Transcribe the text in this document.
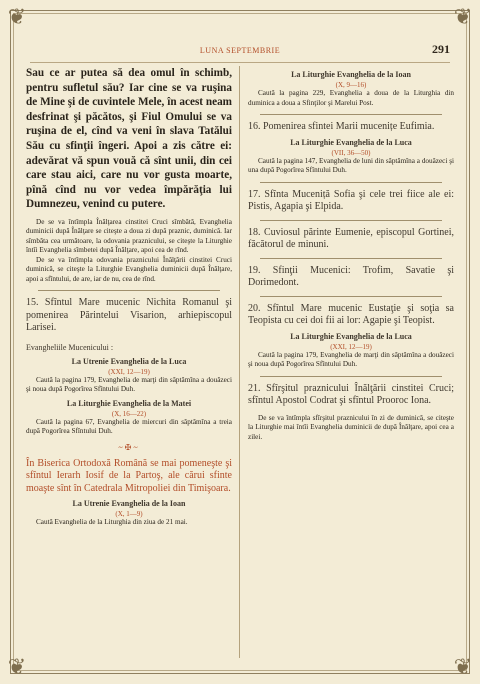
❦	❦
❦	❦
LUNA SEPTEMBRIE	291

Sau ce ar putea să dea omul în schimb, pentru sufletul său? Iar cine se va ruşina de Mine şi de cuvintele Mele, în acest neam desfrinat şi păcătos, şi Fiul Omului se va ruşina de el, cînd va veni în slava Tatălui Său cu sfinţii îngeri. Apoi a zis către ei: adevărat vă spun vouă că sînt unii, din cei care stau aici, care nu vor gusta moarte, pînă cînd nu vor vedea împărăţia lui Dumnezeu, venind cu putere.

De se va întîmpla Înălţarea cinstitei Cruci sîmbătă, Evanghelia duminicii după Înălţare se citeşte a doua zi după praznic, duminică. Iar sîmbăta cea următoare, la odovania praznicului, se citeşte la Liturghie întîi Evanghelia sîmbetei după Înălţare, apoi cea de rînd.

De se va întîmpla odovania praznicului Înălţării cinstitei Cruci duminică, se citeşte la Liturghie Evanghelia duminicii după Înălţare, apoi a sfîntului, de are, iar de nu, cea de rînd.

15. Sfîntul Mare mucenic Nichita Romanul şi pomenirea Părintelui Visarion, arhiepiscopul Larisei.

Evangheliile Mucenicului :

La Utrenie Evanghelia de la Luca

(XXI, 12—19)

Caută la pagina 179, Evanghelia de marţi din săptămîna a douăzeci şi noua după Pogorîrea Sfîntului Duh.

La Liturghie Evanghelia de la Matei

(X, 16—22)

Caută la pagina 67, Evanghelia de miercuri din săptămîna a treia după Pogorîrea Sfîntului Duh.

~✠~

În Biserica Ortodoxă Română se mai pomeneşte şi sfîntul Ierarh Iosif de la Partoş, ale cărui sfinte moaşte sînt în Catedrala Mitropoliei din Timişoara.

La Utrenie Evanghelia de la Ioan

(X, 1—9)

Caută Evanghelia de la Liturghia din ziua de 21 mai.

La Liturghie Evanghelia de la Ioan

(X, 9—16)

Caută la pagina 229, Evanghelia a doua de la Liturghia din duminica a doua a Sfinţilor şi Marelui Post.

16. Pomenirea sfintei Marii mucenițe Eufimia.

La Liturghie Evanghelia de la Luca

(VII, 36—50)

Caută la pagina 147, Evanghelia de luni din săptămîna a douăzeci şi una după Pogorîrea Sfîntului Duh.

17. Sfînta Muceniță Sofia şi cele trei fiice ale ei: Pistis, Agapia şi Elpida.

18. Cuviosul părinte Eumenie, episcopul Gortinei, făcătorul de minuni.

19. Sfinţii Mucenici: Trofim, Savatie şi Dorimedont.

20. Sfîntul Mare mucenic Eustaţie şi soţia sa Teopista cu cei doi fii ai lor: Agapie şi Teopist.

La Liturghie Evanghelia de la Luca

(XXI, 12—19)

Caută la pagina 179, Evanghelia de marţi din săptămîna a douăzeci şi noua după Pogorîrea Sfîntului Duh.

21. Sfîrşitul praznicului Înălţării cinstitei Cruci; sfîntul Apostol Codrat şi sfîntul Prooroc Iona.

De se va întîmpla sfîrşitul praznicului în zi de duminică, se citeşte la Liturghie mai întîi Evanghelia duminicii de după Înălţare, apoi cea a zilei.
